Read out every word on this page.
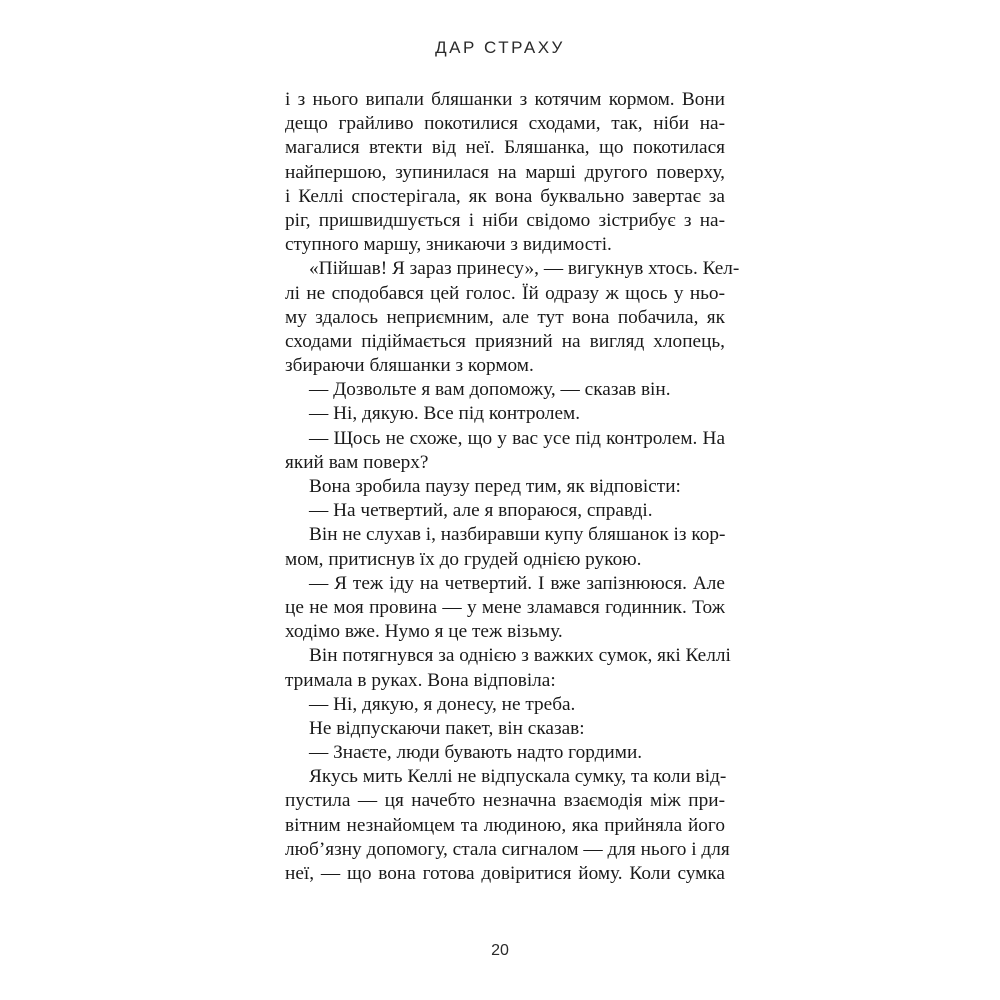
ДАР СТРАХУ
і з нього випали бляшанки з котячим кормом. Вони
дещо грайливо покотилися сходами, так, ніби на-
магалися втекти від неї. Бляшанка, що покотилася
найпершою, зупинилася на марші другого поверху,
і Келлі спостерігала, як вона буквально завертає за
ріг, пришвидшується і ніби свідомо зістрибує з на-
ступного маршу, зникаючи з видимості.
«Пійшав! Я зараз принесу», — вигукнув хтось. Кел-
лі не сподобався цей голос. Їй одразу ж щось у ньо-
му здалось неприємним, але тут вона побачила, як
сходами підіймається приязний на вигляд хлопець,
збираючи бляшанки з кормом.
— Дозвольте я вам допоможу, — сказав він.
— Ні, дякую. Все під контролем.
— Щось не схоже, що у вас усе під контролем. На
який вам поверх?
Вона зробила паузу перед тим, як відповісти:
— На четвертий, але я впораюся, справді.
Він не слухав і, назбиравши купу бляшанок із кор-
мом, притиснув їх до грудей однією рукою.
— Я теж іду на четвертий. І вже запізнююся. Але
це не моя провина — у мене зламався годинник. Тож
ходімо вже. Нумо я це теж візьму.
Він потягнувся за однією з важких сумок, які Келлі
тримала в руках. Вона відповіла:
— Ні, дякую, я донесу, не треба.
Не відпускаючи пакет, він сказав:
— Знаєте, люди бувають надто гордими.
Якусь мить Келлі не відпускала сумку, та коли від-
пустила — ця начебто незначна взаємодія між при-
вітним незнайомцем та людиною, яка прийняла його
люб’язну допомогу, стала сигналом — для нього і для
неї, — що вона готова довіритися йому. Коли сумка
20
